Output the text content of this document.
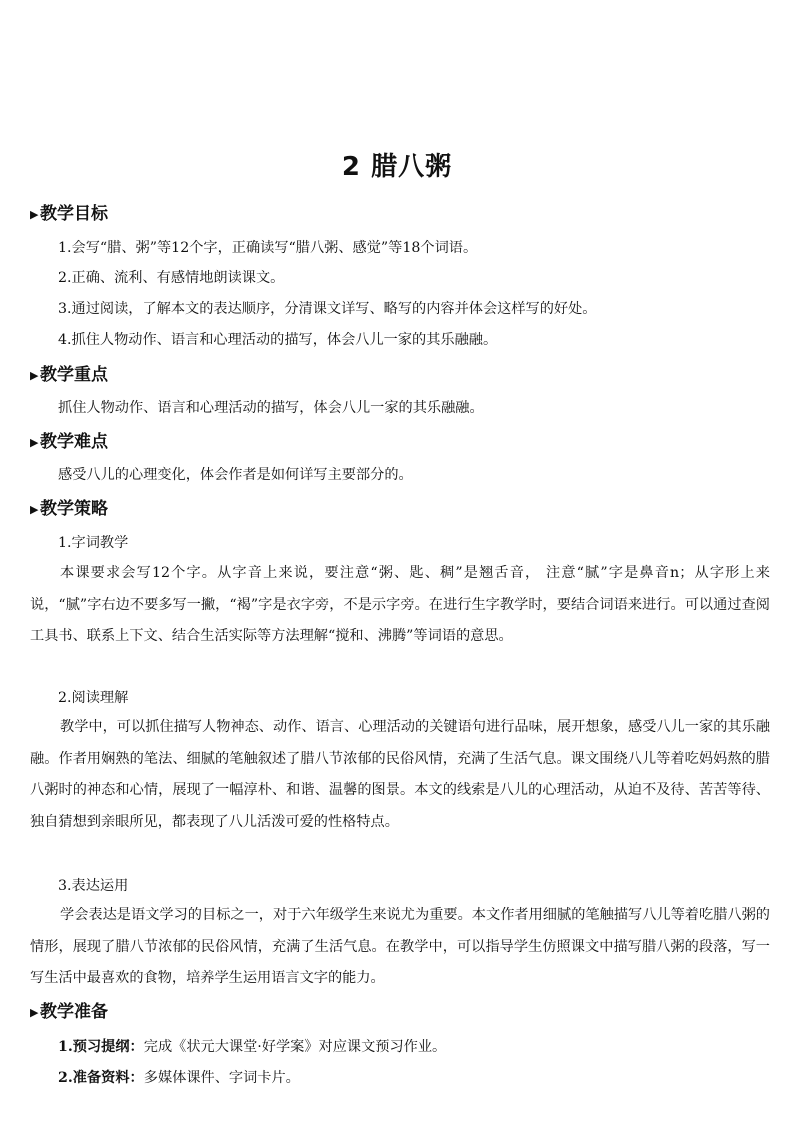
2 腊八粥
▶教学目标
1.会写“腊、粥”等12个字，正确读写“腊八粥、感觉”等18个词语。
2.正确、流利、有感情地朗读课文。
3.通过阅读，了解本文的表达顺序，分清课文详写、略写的内容并体会这样写的好处。
4.抓住人物动作、语言和心理活动的描写，体会八儿一家的其乐融融。
▶教学重点
抓住人物动作、语言和心理活动的描写，体会八儿一家的其乐融融。
▶教学难点
感受八儿的心理变化，体会作者是如何详写主要部分的。
▶教学策略
1.字词教学
本课要求会写12个字。从字音上来说，要注意“粥、匙、稠”是翘舌音， 注意“腻”字是鼻音n；从字形上来说，“腻”字右边不要多写一撇，“褐”字是衣字旁，不是示字旁。在进行生字教学时，要结合词语来进行。可以通过查阅工具书、联系上下文、结合生活实际等方法理解“搅和、沸腾”等词语的意思。
2.阅读理解
教学中，可以抓住描写人物神态、动作、语言、心理活动的关键语句进行品味，展开想象，感受八儿一家的其乐融融。作者用娴熟的笔法、细腻的笔触叙述了腊八节浓郁的民俗风情，充满了生活气息。课文围绕八儿等着吃妈妈熬的腊八粥时的神态和心情，展现了一幅淳朴、和谐、温馨的图景。本文的线索是八儿的心理活动，从迫不及待、苦苦等待、独自猜想到亲眼所见，都表现了八儿活泼可爱的性格特点。
3.表达运用
学会表达是语文学习的目标之一，对于六年级学生来说尤为重要。本文作者用细腻的笔触描写八儿等着吃腊八粥的情形，展现了腊八节浓郁的民俗风情，充满了生活气息。在教学中，可以指导学生仿照课文中描写腊八粥的段落，写一写生活中最喜欢的食物，培养学生运用语言文字的能力。
▶教学准备
1.预习提纲：完成《状元大课堂·好学案》对应课文预习作业。
2.准备资料：多媒体课件、字词卡片。
